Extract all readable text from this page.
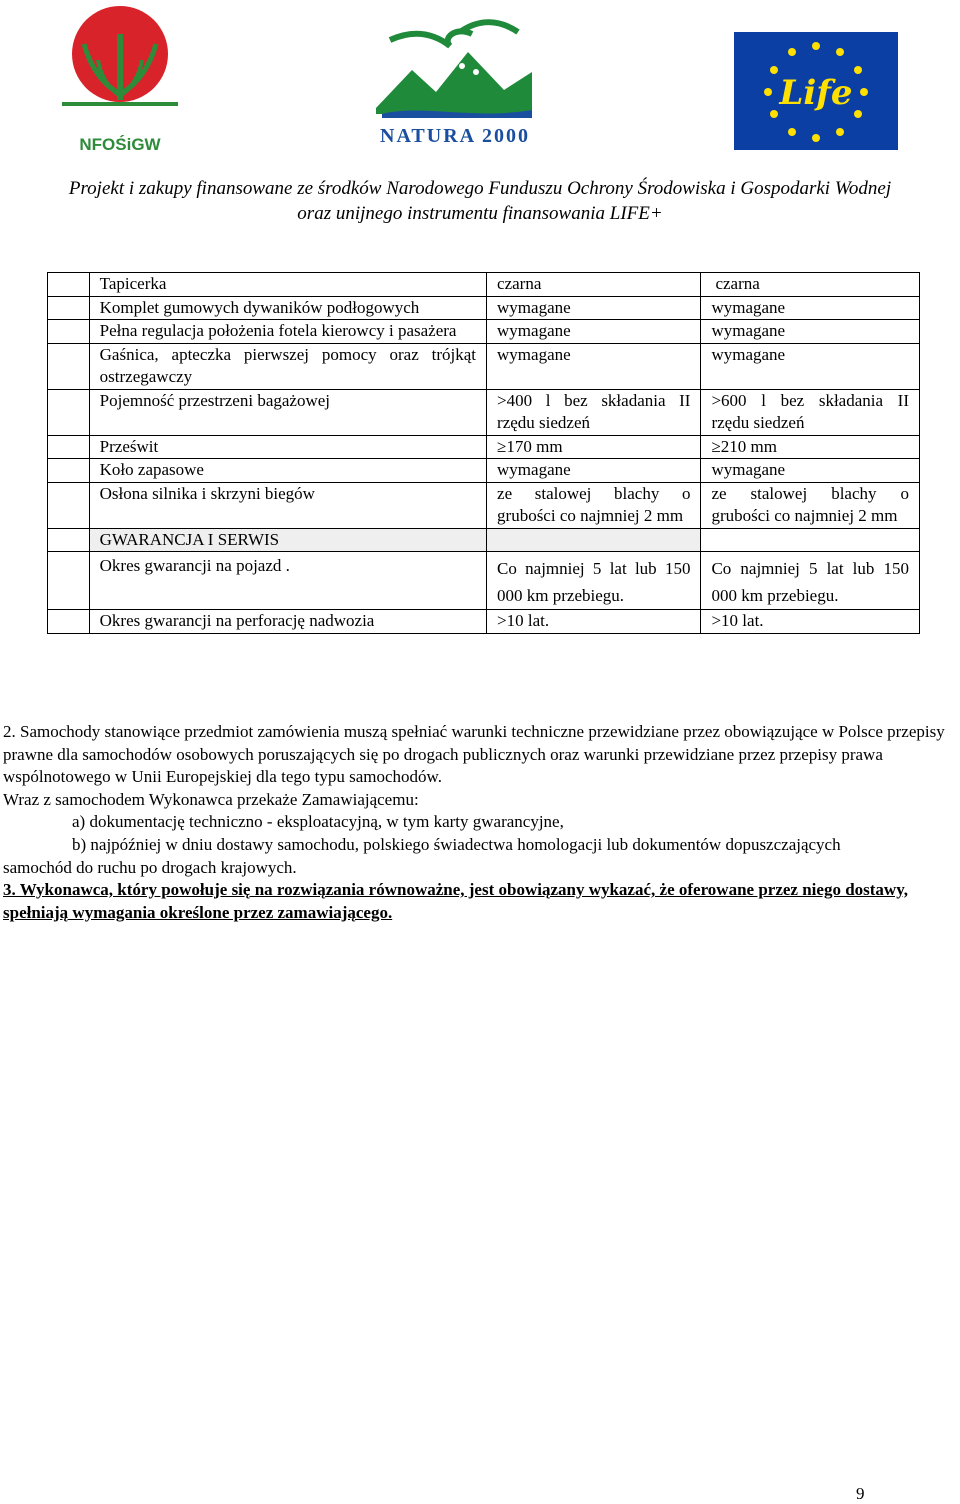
NFOŚiGW	NATURA 2000
Life
Projekt i zakupy finansowane ze środków Narodowego Funduszu Ochrony Środowiska i Gospodarki Wodnej
oraz unijnego instrumentu finansowania LIFE+
	Tapicerka	czarna	czarna
	Komplet gumowych dywaników podłogowych	wymagane	wymagane
	Pełna regulacja położenia fotela kierowcy i pasażera	wymagane	wymagane
	Gaśnica, apteczka pierwszej pomocy oraz trójkąt ostrzegawczy	wymagane	wymagane
	Pojemność przestrzeni bagażowej	>400 l bez składania II rzędu siedzeń	>600 l bez składania II rzędu siedzeń
	Prześwit	≥170 mm	≥210 mm
	Koło zapasowe	wymagane	wymagane
	Osłona silnika i skrzyni biegów	ze stalowej blachy o grubości co najmniej 2 mm	ze stalowej blachy o grubości co najmniej 2 mm
	GWARANCJA I SERWIS		
	Okres gwarancji na pojazd .	Co najmniej 5 lat lub 150 000 km przebiegu.	Co najmniej 5 lat lub 150 000 km przebiegu.
	Okres gwarancji na perforację nadwozia	>10 lat.	>10 lat.

2. Samochody stanowiące przedmiot zamówienia muszą spełniać warunki techniczne przewidziane przez obowiązujące w Polsce przepisy prawne dla samochodów osobowych poruszających się po drogach publicznych oraz warunki przewidziane przez przepisy prawa wspólnotowego w Unii Europejskiej dla tego typu samochodów.

Wraz z samochodem Wykonawca przekaże Zamawiającemu:

a) dokumentację techniczno - eksploatacyjną, w tym karty gwarancyjne,

b) najpóźniej w dniu dostawy samochodu, polskiego świadectwa homologacji lub dokumentów dopuszczających

samochód do ruchu po drogach krajowych.

3. Wykonawca, który powołuje się na rozwiązania równoważne, jest obowiązany wykazać, że oferowane przez niego dostawy, spełniają wymagania określone przez zamawiającego.

9
